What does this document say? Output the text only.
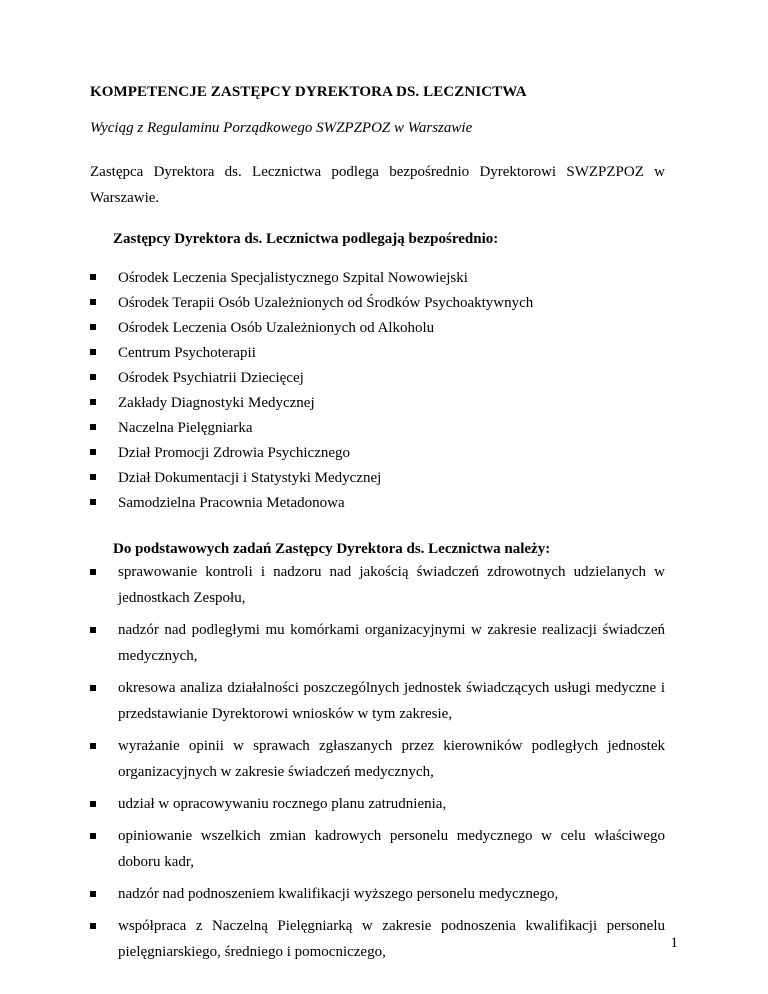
KOMPETENCJE ZASTĘPCY DYREKTORA DS. LECZNICTWA

Wyciąg z Regulaminu Porządkowego SWZPZPOZ w Warszawie

Zastępca Dyrektora ds. Lecznictwa podlega bezpośrednio Dyrektorowi SWZPZPOZ w Warszawie.

Zastępcy Dyrektora ds. Lecznictwa podlegają bezpośrednio:
Ośrodek Leczenia Specjalistycznego Szpital Nowowiejski
Ośrodek Terapii Osób Uzależnionych od Środków Psychoaktywnych
Ośrodek Leczenia Osób Uzależnionych od Alkoholu
Centrum Psychoterapii
Ośrodek Psychiatrii Dziecięcej
Zakłady Diagnostyki Medycznej
Naczelna Pielęgniarka
Dział Promocji Zdrowia Psychicznego
Dział Dokumentacji i Statystyki Medycznej
Samodzielna Pracownia Metadonowa
Do podstawowych zadań Zastępcy Dyrektora ds. Lecznictwa należy:
sprawowanie kontroli i nadzoru nad jakością świadczeń zdrowotnych udzielanych w jednostkach Zespołu,
nadzór nad podległymi mu komórkami organizacyjnymi w zakresie realizacji świadczeń medycznych,
okresowa analiza działalności poszczególnych jednostek świadczących usługi medyczne i przedstawianie Dyrektorowi wniosków w tym zakresie,
wyrażanie opinii w sprawach zgłaszanych przez kierowników podległych jednostek organizacyjnych w zakresie świadczeń medycznych,
udział w opracowywaniu rocznego planu zatrudnienia,
opiniowanie wszelkich zmian kadrowych personelu medycznego w celu właściwego doboru kadr,
nadzór nad podnoszeniem kwalifikacji wyższego personelu medycznego,
współpraca z Naczelną Pielęgniarką w zakresie podnoszenia kwalifikacji personelu pielęgniarskiego, średniego i pomocniczego,
1
